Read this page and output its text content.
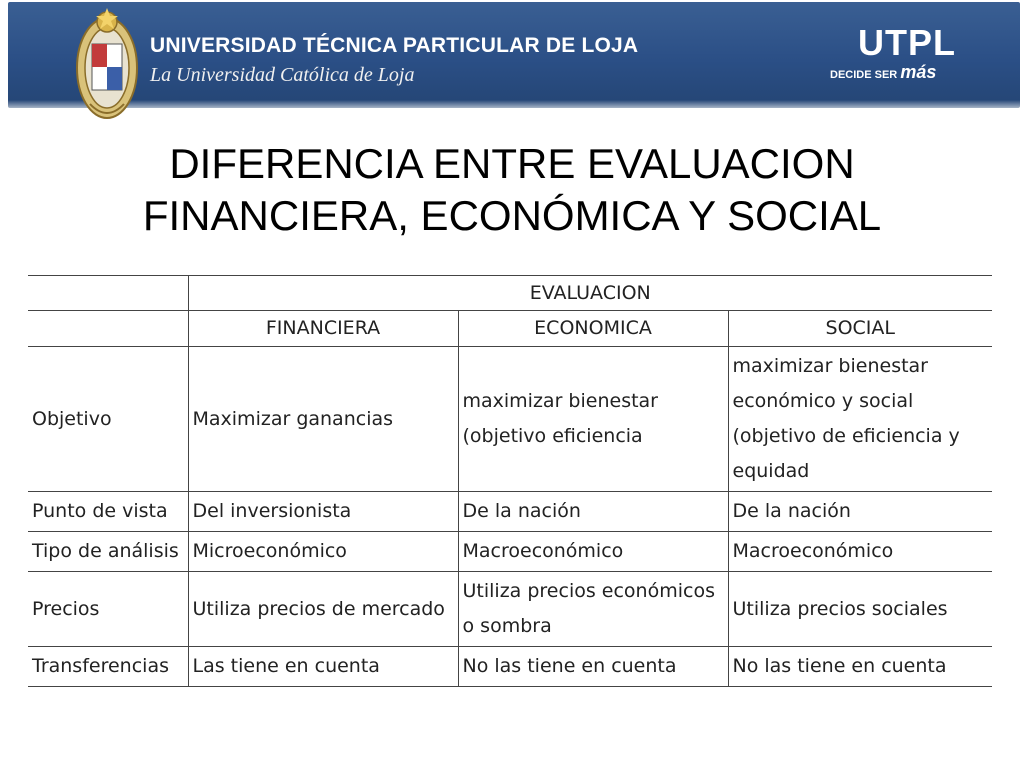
UNIVERSIDAD TÉCNICA PARTICULAR DE LOJA
La Universidad Católica de Loja
UTPL
DECIDE SER más
DIFERENCIA ENTRE EVALUACION
FINANCIERA, ECONÓMICA Y SOCIAL
	EVALUACION		
	FINANCIERA	ECONOMICA	SOCIAL
Objetivo	Maximizar ganancias	maximizar bienestar (objetivo eficiencia	maximizar bienestar económico y social (objetivo de eficiencia y equidad
Punto de vista	Del inversionista	De la nación	De la nación
Tipo de análisis	Microeconómico	Macroeconómico	Macroeconómico
Precios	Utiliza precios de mercado	Utiliza precios económicos o sombra	Utiliza precios sociales
Transferencias	Las tiene en cuenta	No las tiene en cuenta	No las tiene en cuenta
